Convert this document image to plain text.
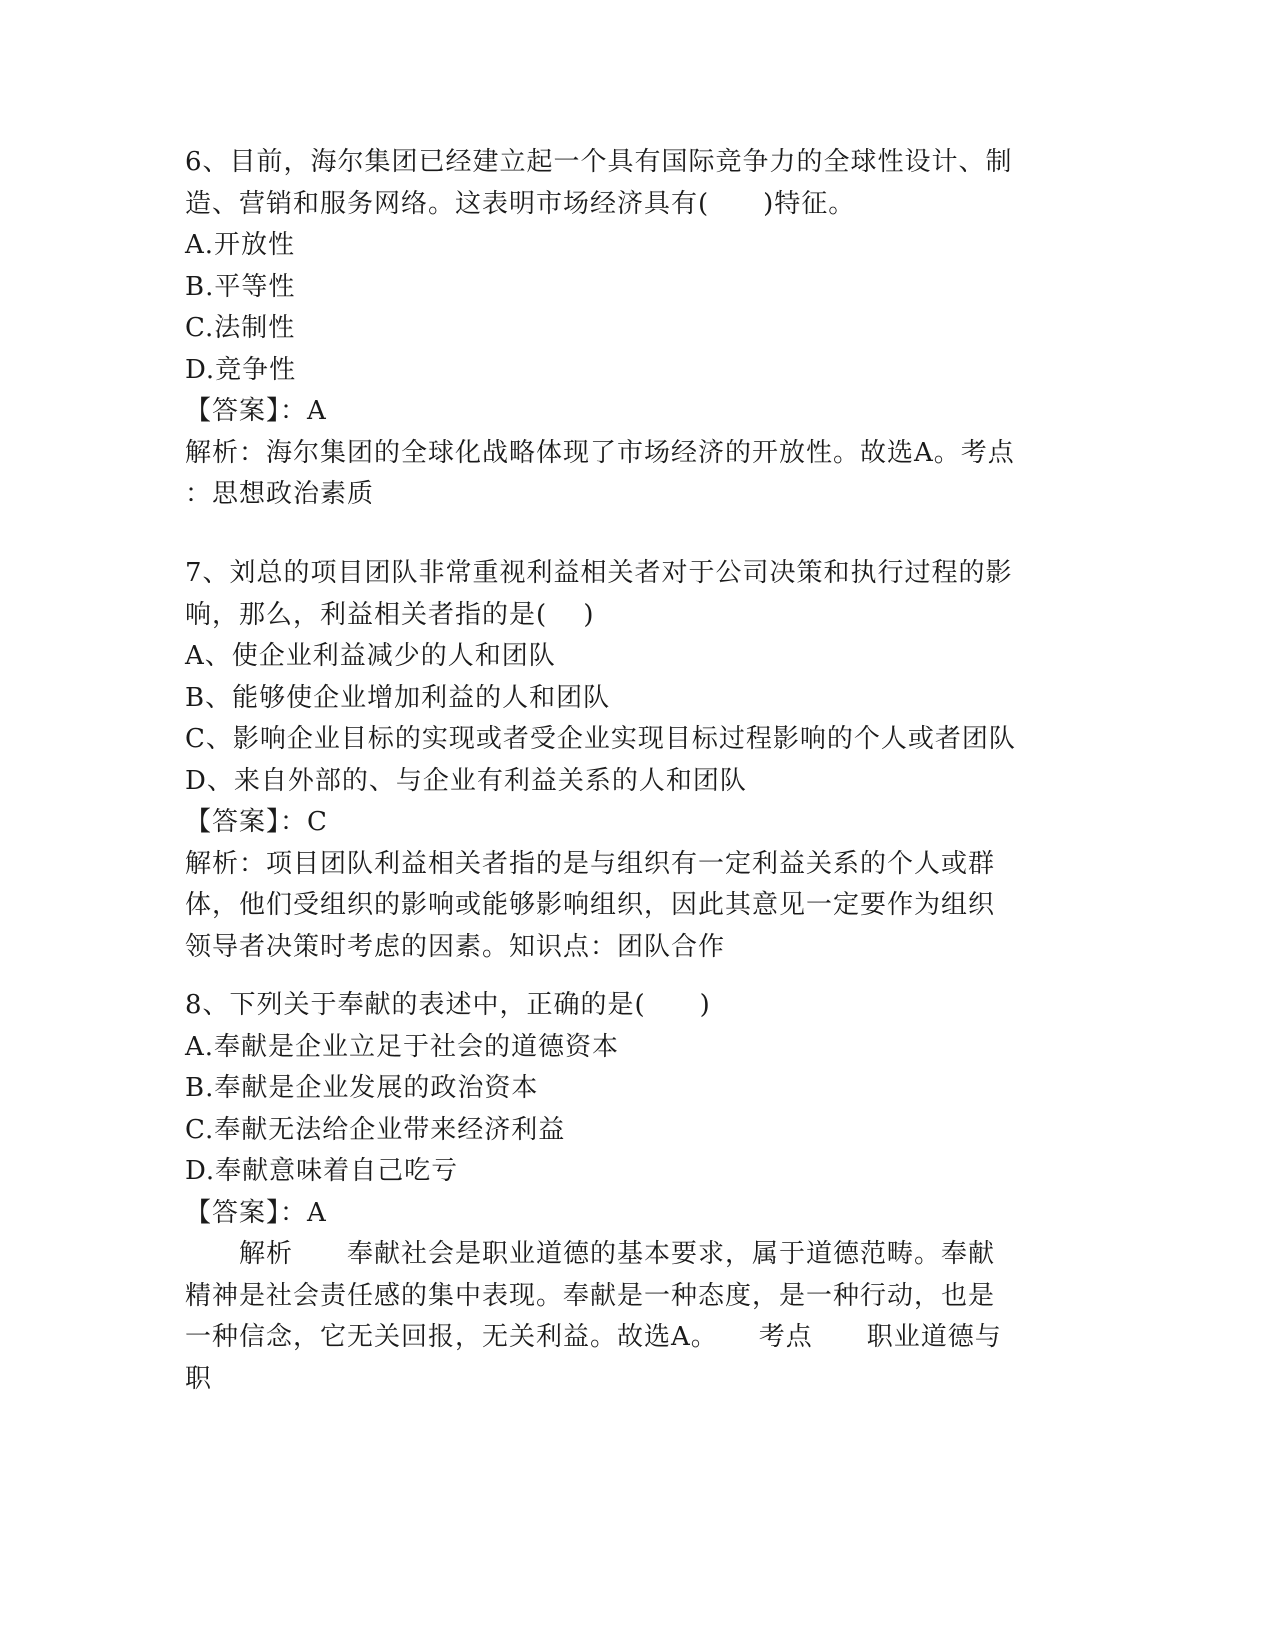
6、目前，海尔集团已经建立起一个具有国际竞争力的全球性设计、制
造、营销和服务网络。这表明市场经济具有(　　)特征。
A.开放性
B.平等性
C.法制性
D.竞争性
【答案】：A
解析：海尔集团的全球化战略体现了市场经济的开放性。故选A。考点
：思想政治素质
7、刘总的项目团队非常重视利益相关者对于公司决策和执行过程的影
响，那么，利益相关者指的是(　 )
A、使企业利益减少的人和团队
B、能够使企业增加利益的人和团队
C、影响企业目标的实现或者受企业实现目标过程影响的个人或者团队
D、来自外部的、与企业有利益关系的人和团队
【答案】：C
解析：项目团队利益相关者指的是与组织有一定利益关系的个人或群
体，他们受组织的影响或能够影响组织，因此其意见一定要作为组织
领导者决策时考虑的因素。知识点：团队合作
8、下列关于奉献的表述中，正确的是(　　)
A.奉献是企业立足于社会的道德资本
B.奉献是企业发展的政治资本
C.奉献无法给企业带来经济利益
D.奉献意味着自己吃亏
【答案】：A
　　解析　　奉献社会是职业道德的基本要求，属于道德范畴。奉献
精神是社会责任感的集中表现。奉献是一种态度，是一种行动，也是
一种信念，它无关回报，无关利益。故选A。　　考点　　职业道德与
职
